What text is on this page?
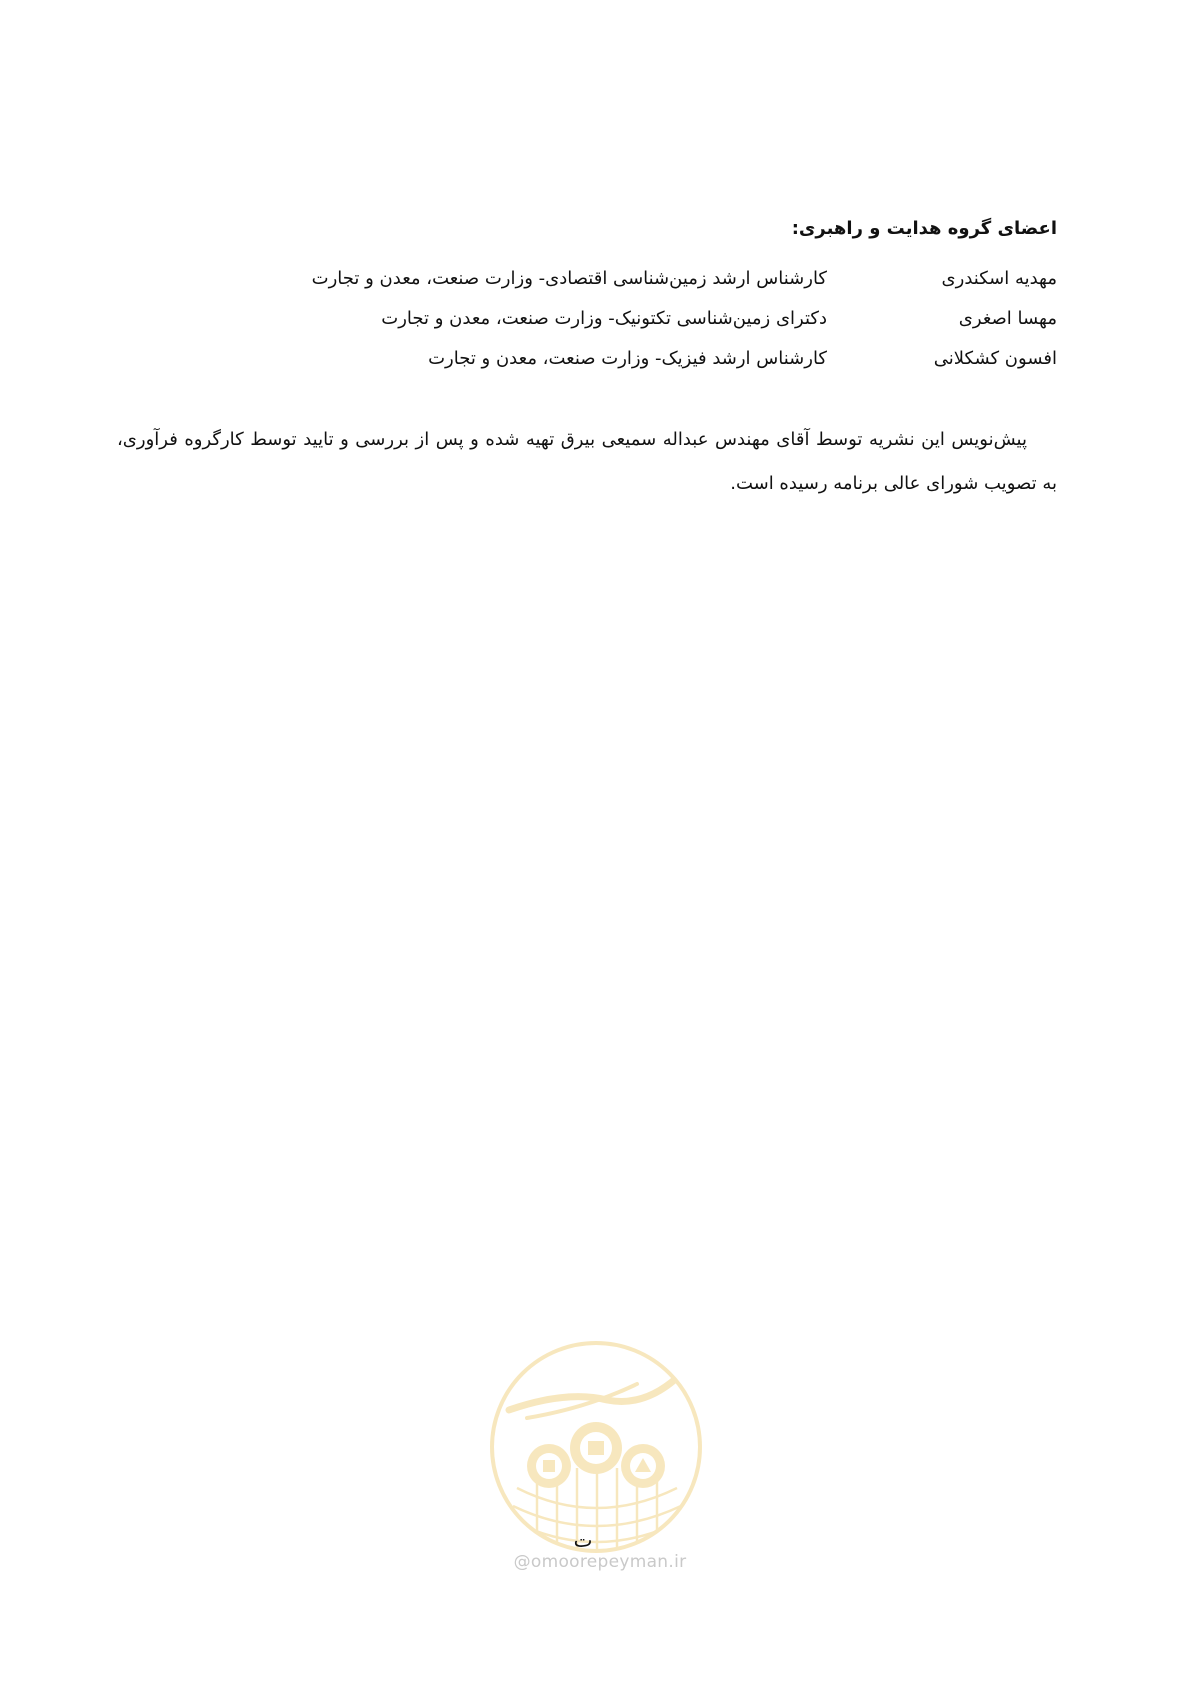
اعضای گروه هدایت و راهبری:
مهدیه اسکندری
کارشناس ارشد زمین‌شناسی اقتصادی- وزارت صنعت، معدن و تجارت
مهسا اصغری
دکترای زمین‌شناسی تکتونیک- وزارت صنعت، معدن و تجارت
افسون کشکلانی
کارشناس ارشد فیزیک- وزارت صنعت، معدن و تجارت
پیش‌نویس این نشریه توسط آقای مهندس عبداله سمیعی بیرق تهیه شده و پس از بررسی و تایید توسط کارگروه فرآوری، به تصویب شورای عالی برنامه رسیده است.
ت
@omoorepeyman.ir
